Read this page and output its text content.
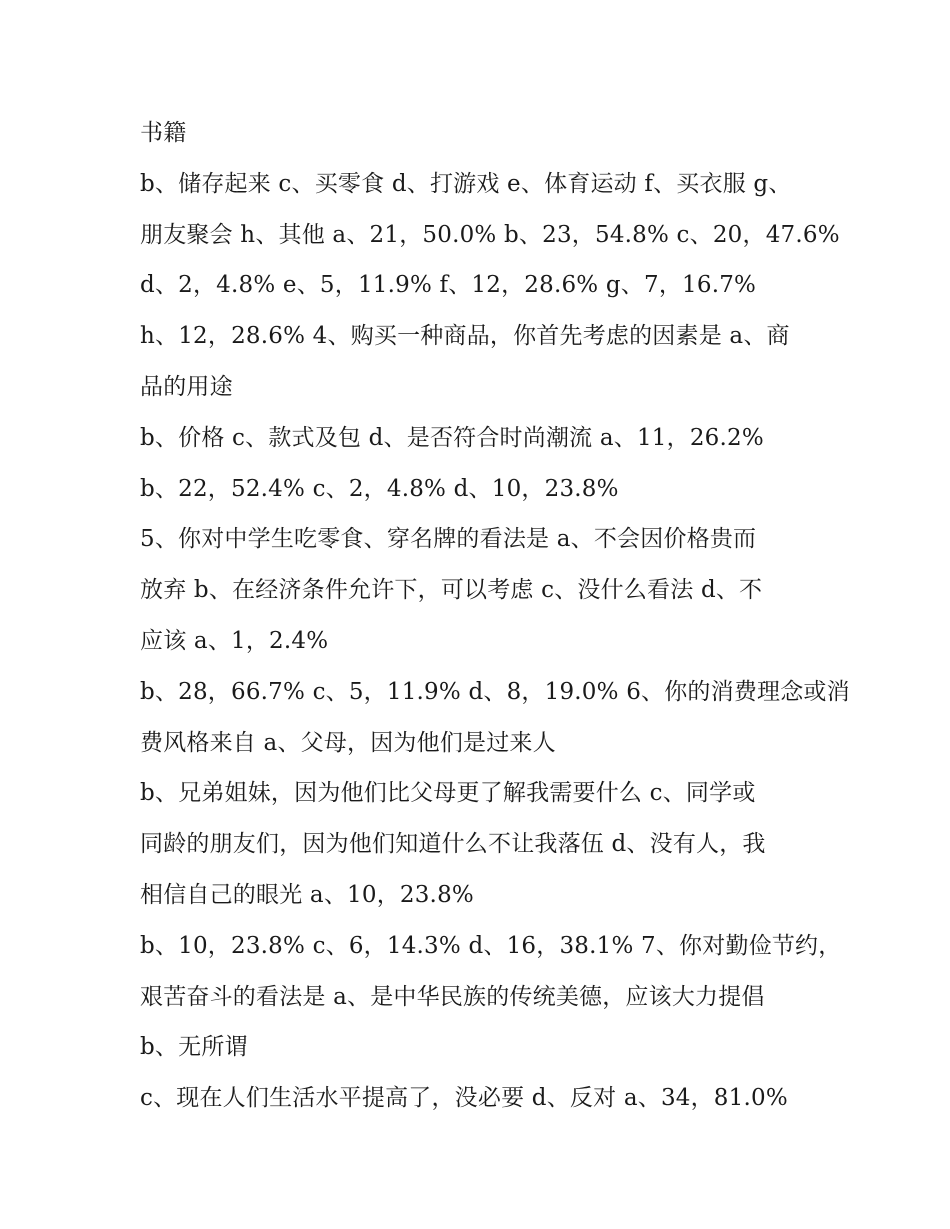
书籍
b、储存起来 c、买零食 d、打游戏 e、体育运动 f、买衣服 g、
朋友聚会 h、其他 a、21，50.0% b、23，54.8% c、20，47.6%
d、2，4.8% e、5，11.9% f、12，28.6% g、7，16.7%
h、12，28.6% 4、购买一种商品，你首先考虑的因素是 a、商
品的用途
b、价格 c、款式及包 d、是否符合时尚潮流 a、11，26.2%
b、22，52.4% c、2，4.8% d、10，23.8%
5、你对中学生吃零食、穿名牌的看法是 a、不会因价格贵而
放弃 b、在经济条件允许下，可以考虑 c、没什么看法 d、不
应该 a、1，2.4%
b、28，66.7% c、5，11.9% d、8，19.0% 6、你的消费理念或消
费风格来自 a、父母，因为他们是过来人
b、兄弟姐妹，因为他们比父母更了解我需要什么 c、同学或
同龄的朋友们，因为他们知道什么不让我落伍 d、没有人，我
相信自己的眼光 a、10，23.8%
b、10，23.8% c、6，14.3% d、16，38.1% 7、你对勤俭节约，
艰苦奋斗的看法是 a、是中华民族的传统美德，应该大力提倡
b、无所谓
c、现在人们生活水平提高了，没必要 d、反对 a、34，81.0%
